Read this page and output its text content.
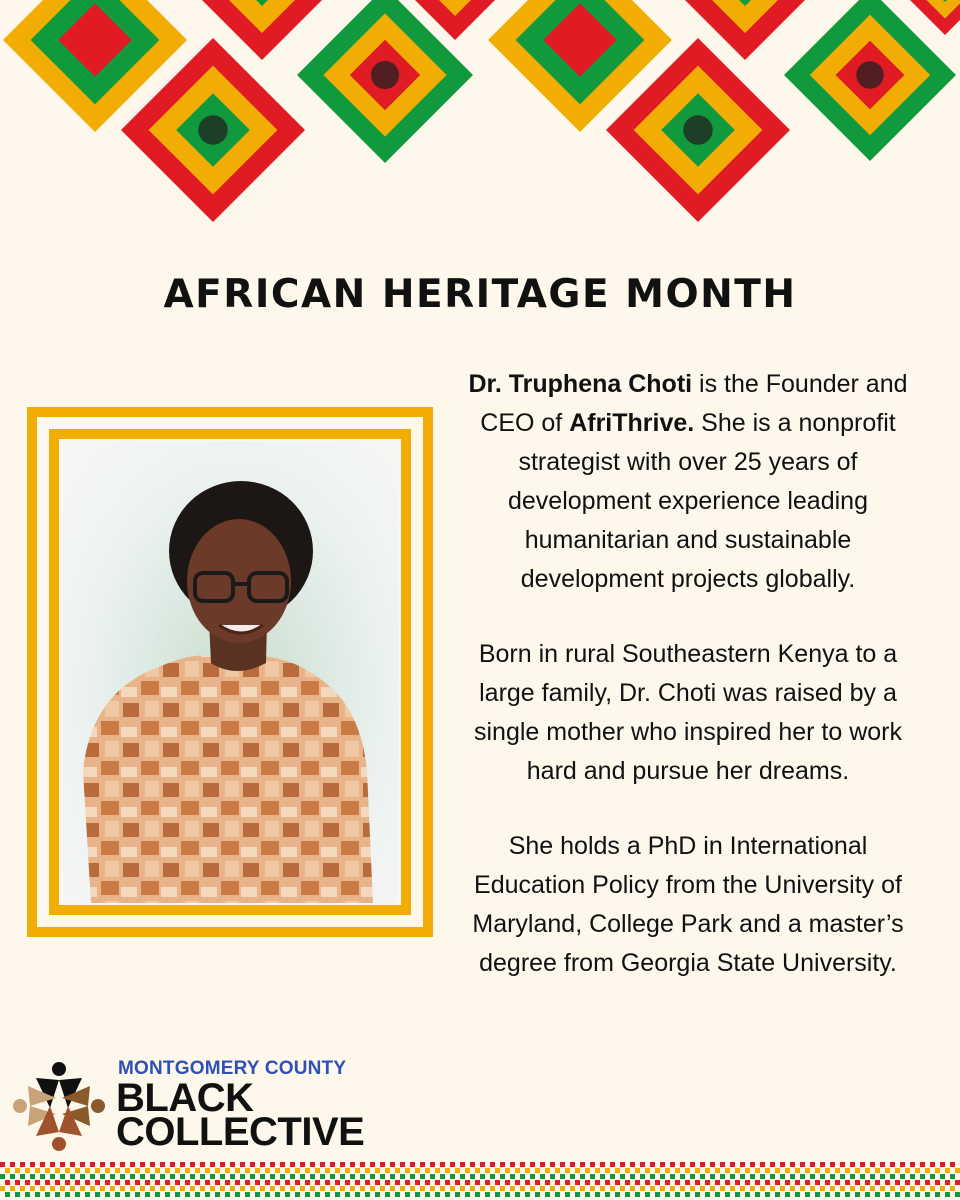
AFRICAN HERITAGE MONTH

Dr. Truphena Choti is the Founder and CEO of AfriThrive. She is a nonprofit strategist with over 25 years of development experience leading humanitarian and sustainable development projects globally.

Born in rural Southeastern Kenya to a large family, Dr. Choti was raised by a single mother who inspired her to work hard and pursue her dreams.

She holds a PhD in International Education Policy from the University of Maryland, College Park and a master’s degree from Georgia State University.

MONTGOMERY COUNTY
BLACK
COLLECTIVE
